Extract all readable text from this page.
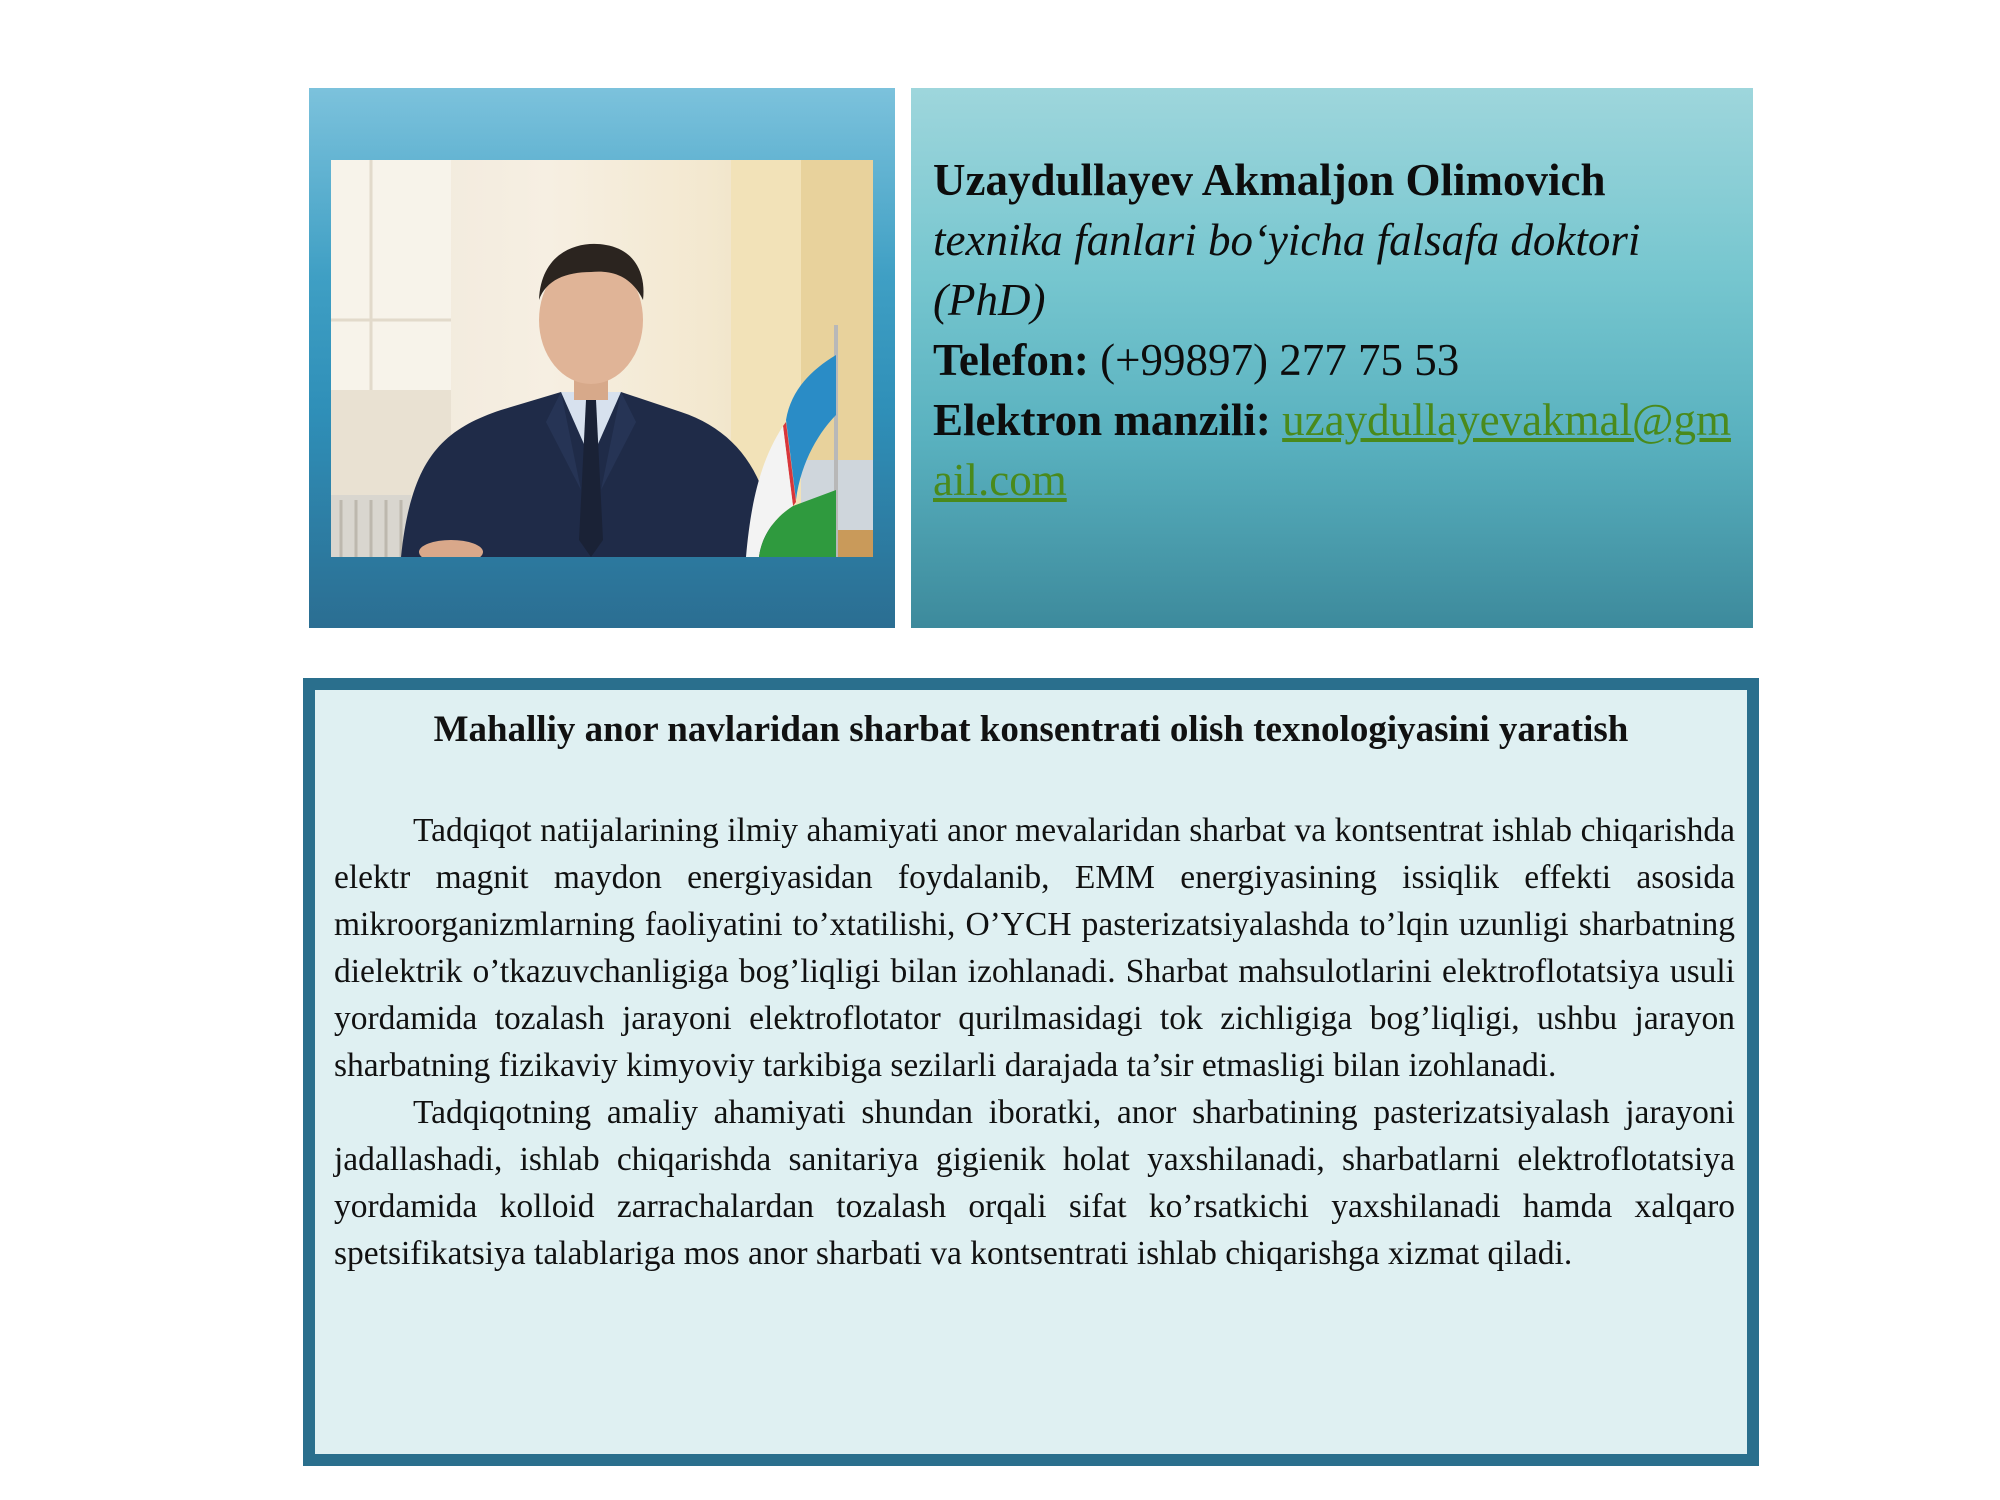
Uzaydullayev Akmaljon Olimovich
texnika fanlari bo‘yicha falsafa doktori (PhD)
Telefon: (+99897) 277 75 53
Elektron manzili: uzaydullayevakmal@gmail.com
Mahalliy anor navlaridan sharbat konsentrati olish texnologiyasini yaratish

Tadqiqot natijalarining ilmiy ahamiyati anor mevalaridan sharbat va kontsentrat ishlab chiqarishda elektr magnit maydon energiyasidan foydalanib, EMM energiyasining issiqlik effekti asosida mikroorganizmlarning faoliyatini to’xtatilishi, O’YCH pasterizatsiyalashda to’lqin uzunligi sharbatning dielektrik o’tkazuvchanligiga bog’liqligi bilan izohlanadi. Sharbat mahsulotlarini elektroflotatsiya usuli yordamida tozalash jarayoni elektroflotator qurilmasidagi tok zichligiga bog’liqligi, ushbu jarayon sharbatning fizikaviy kimyoviy tarkibiga sezilarli darajada ta’sir etmasligi bilan izohlanadi.

Tadqiqotning amaliy ahamiyati shundan iboratki, anor sharbatining pasterizatsiyalash jarayoni jadallashadi, ishlab chiqarishda sanitariya gigienik holat yaxshilanadi, sharbatlarni elektroflotatsiya yordamida kolloid zarrachalardan tozalash orqali sifat ko’rsatkichi yaxshilanadi hamda xalqaro spetsifikatsiya talablariga mos anor sharbati va kontsentrati ishlab chiqarishga xizmat qiladi.
